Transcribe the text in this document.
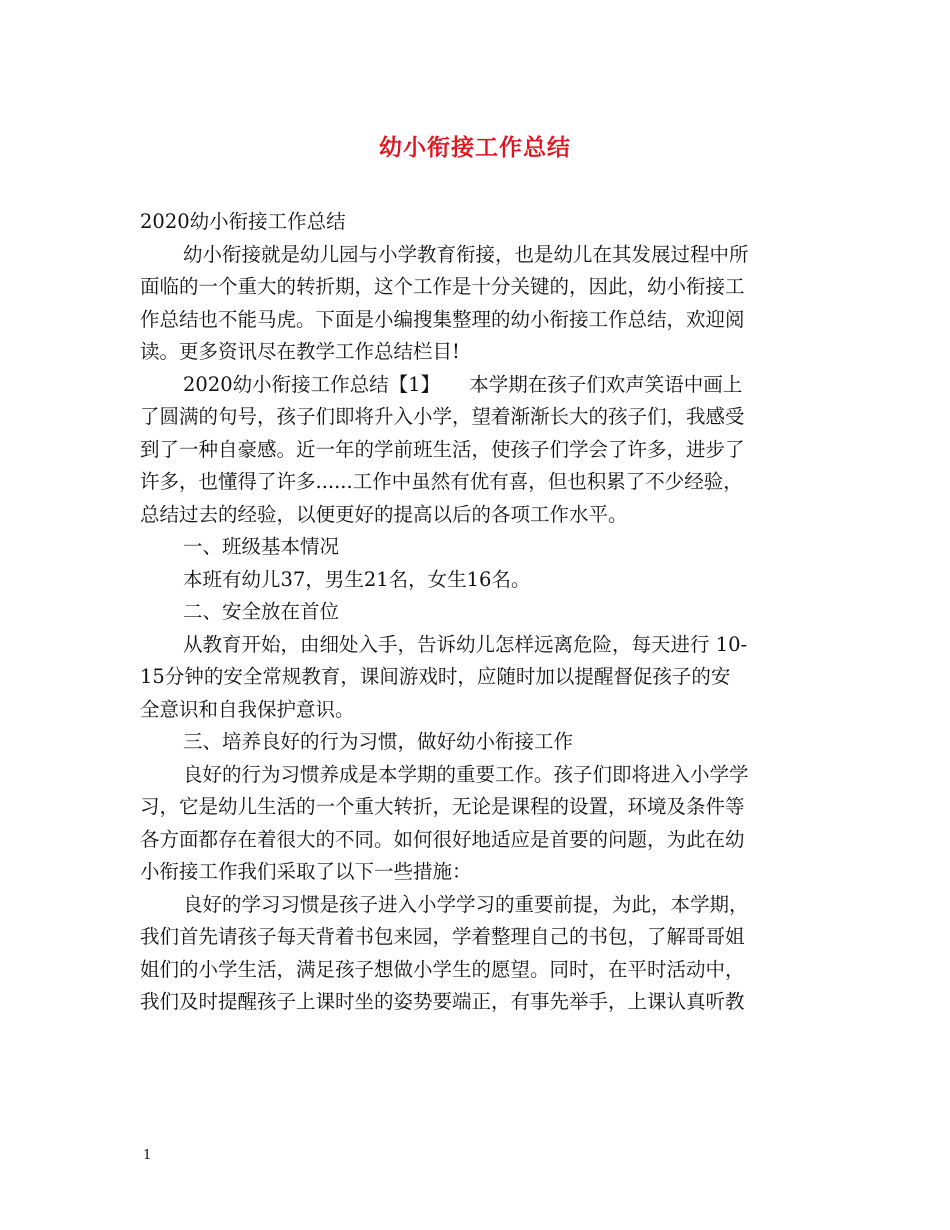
幼小衔接工作总结

2020幼小衔接工作总结

幼小衔接就是幼儿园与小学教育衔接，也是幼儿在其发展过程中所

面临的一个重大的转折期，这个工作是十分关键的，因此，幼小衔接工

作总结也不能马虎。下面是小编搜集整理的幼小衔接工作总结，欢迎阅

读。更多资讯尽在教学工作总结栏目!

2020幼小衔接工作总结【1】　　本学期在孩子们欢声笑语中画上

了圆满的句号，孩子们即将升入小学，望着渐渐长大的孩子们，我感受

到了一种自豪感。近一年的学前班生活，使孩子们学会了许多，进步了

许多，也懂得了许多......工作中虽然有优有喜，但也积累了不少经验，

总结过去的经验，以便更好的提高以后的各项工作水平。

一、班级基本情况

本班有幼儿37，男生21名，女生16名。

二、安全放在首位

从教育开始，由细处入手，告诉幼儿怎样远离危险，每天进行 10-

15分钟的安全常规教育，课间游戏时，应随时加以提醒督促孩子的安

全意识和自我保护意识。

三、培养良好的行为习惯，做好幼小衔接工作

良好的行为习惯养成是本学期的重要工作。孩子们即将进入小学学

习，它是幼儿生活的一个重大转折，无论是课程的设置，环境及条件等

各方面都存在着很大的不同。如何很好地适应是首要的问题，为此在幼

小衔接工作我们采取了以下一些措施：

良好的学习习惯是孩子进入小学学习的重要前提，为此，本学期，

我们首先请孩子每天背着书包来园，学着整理自己的书包，了解哥哥姐

姐们的小学生活，满足孩子想做小学生的愿望。同时，在平时活动中，

我们及时提醒孩子上课时坐的姿势要端正，有事先举手，上课认真听教

1
